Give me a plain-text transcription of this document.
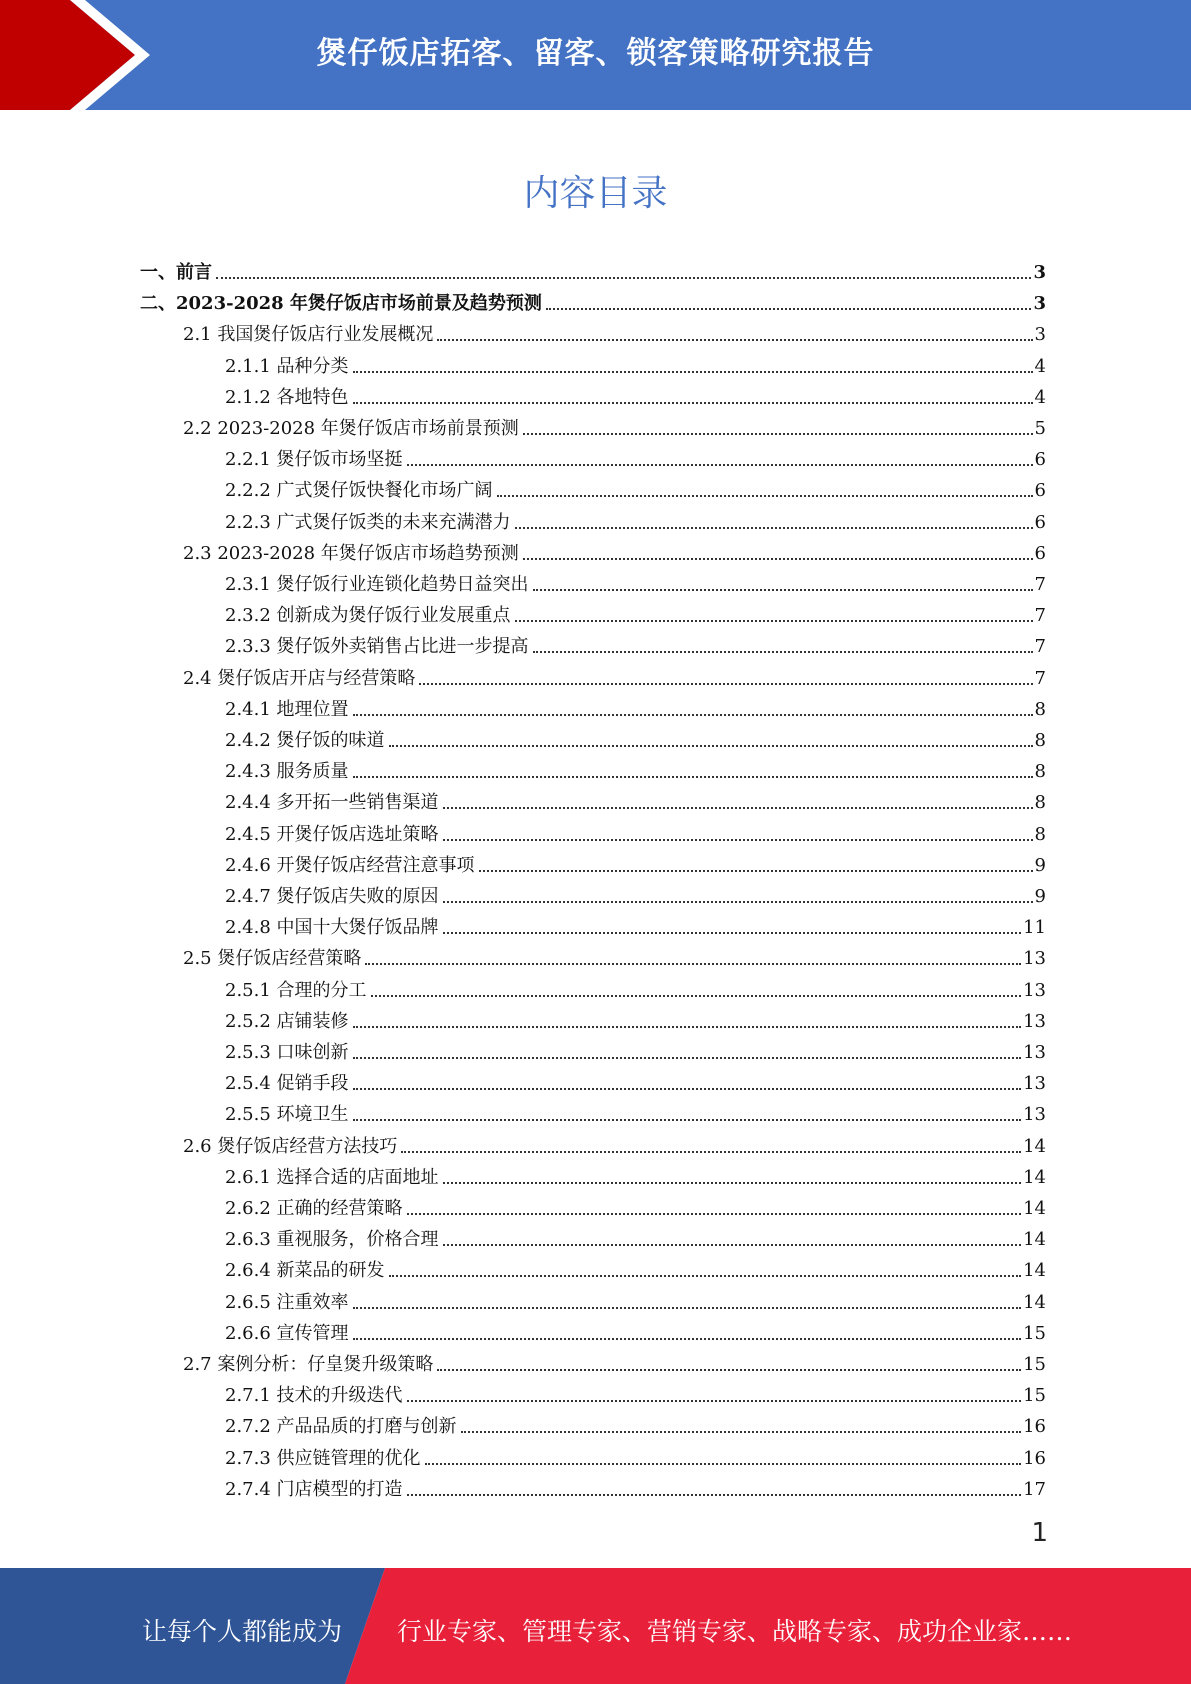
煲仔饭店拓客、留客、锁客策略研究报告
内容目录
一、前言	3
二、2023-2028 年煲仔饭店市场前景及趋势预测	3
2.1 我国煲仔饭店行业发展概况	3
2.1.1 品种分类	4
2.1.2 各地特色	4
2.2 2023-2028 年煲仔饭店市场前景预测	5
2.2.1 煲仔饭市场坚挺	6
2.2.2 广式煲仔饭快餐化市场广阔	6
2.2.3 广式煲仔饭类的未来充满潜力	6
2.3 2023-2028 年煲仔饭店市场趋势预测	6
2.3.1 煲仔饭行业连锁化趋势日益突出	7
2.3.2 创新成为煲仔饭行业发展重点	7
2.3.3 煲仔饭外卖销售占比进一步提高	7
2.4 煲仔饭店开店与经营策略	7
2.4.1 地理位置	8
2.4.2 煲仔饭的味道	8
2.4.3 服务质量	8
2.4.4 多开拓一些销售渠道	8
2.4.5 开煲仔饭店选址策略	8
2.4.6 开煲仔饭店经营注意事项	9
2.4.7 煲仔饭店失败的原因	9
2.4.8 中国十大煲仔饭品牌	11
2.5 煲仔饭店经营策略	13
2.5.1 合理的分工	13
2.5.2 店铺装修	13
2.5.3 口味创新	13
2.5.4 促销手段	13
2.5.5 环境卫生	13
2.6 煲仔饭店经营方法技巧	14
2.6.1 选择合适的店面地址	14
2.6.2 正确的经营策略	14
2.6.3 重视服务，价格合理	14
2.6.4 新菜品的研发	14
2.6.5 注重效率	14
2.6.6 宣传管理	15
2.7 案例分析：仔皇煲升级策略	15
2.7.1 技术的升级迭代	15
2.7.2 产品品质的打磨与创新	16
2.7.3 供应链管理的优化	16
2.7.4 门店模型的打造	17
1
让每个人都能成为 行业专家、管理专家、营销专家、战略专家、成功企业家……
